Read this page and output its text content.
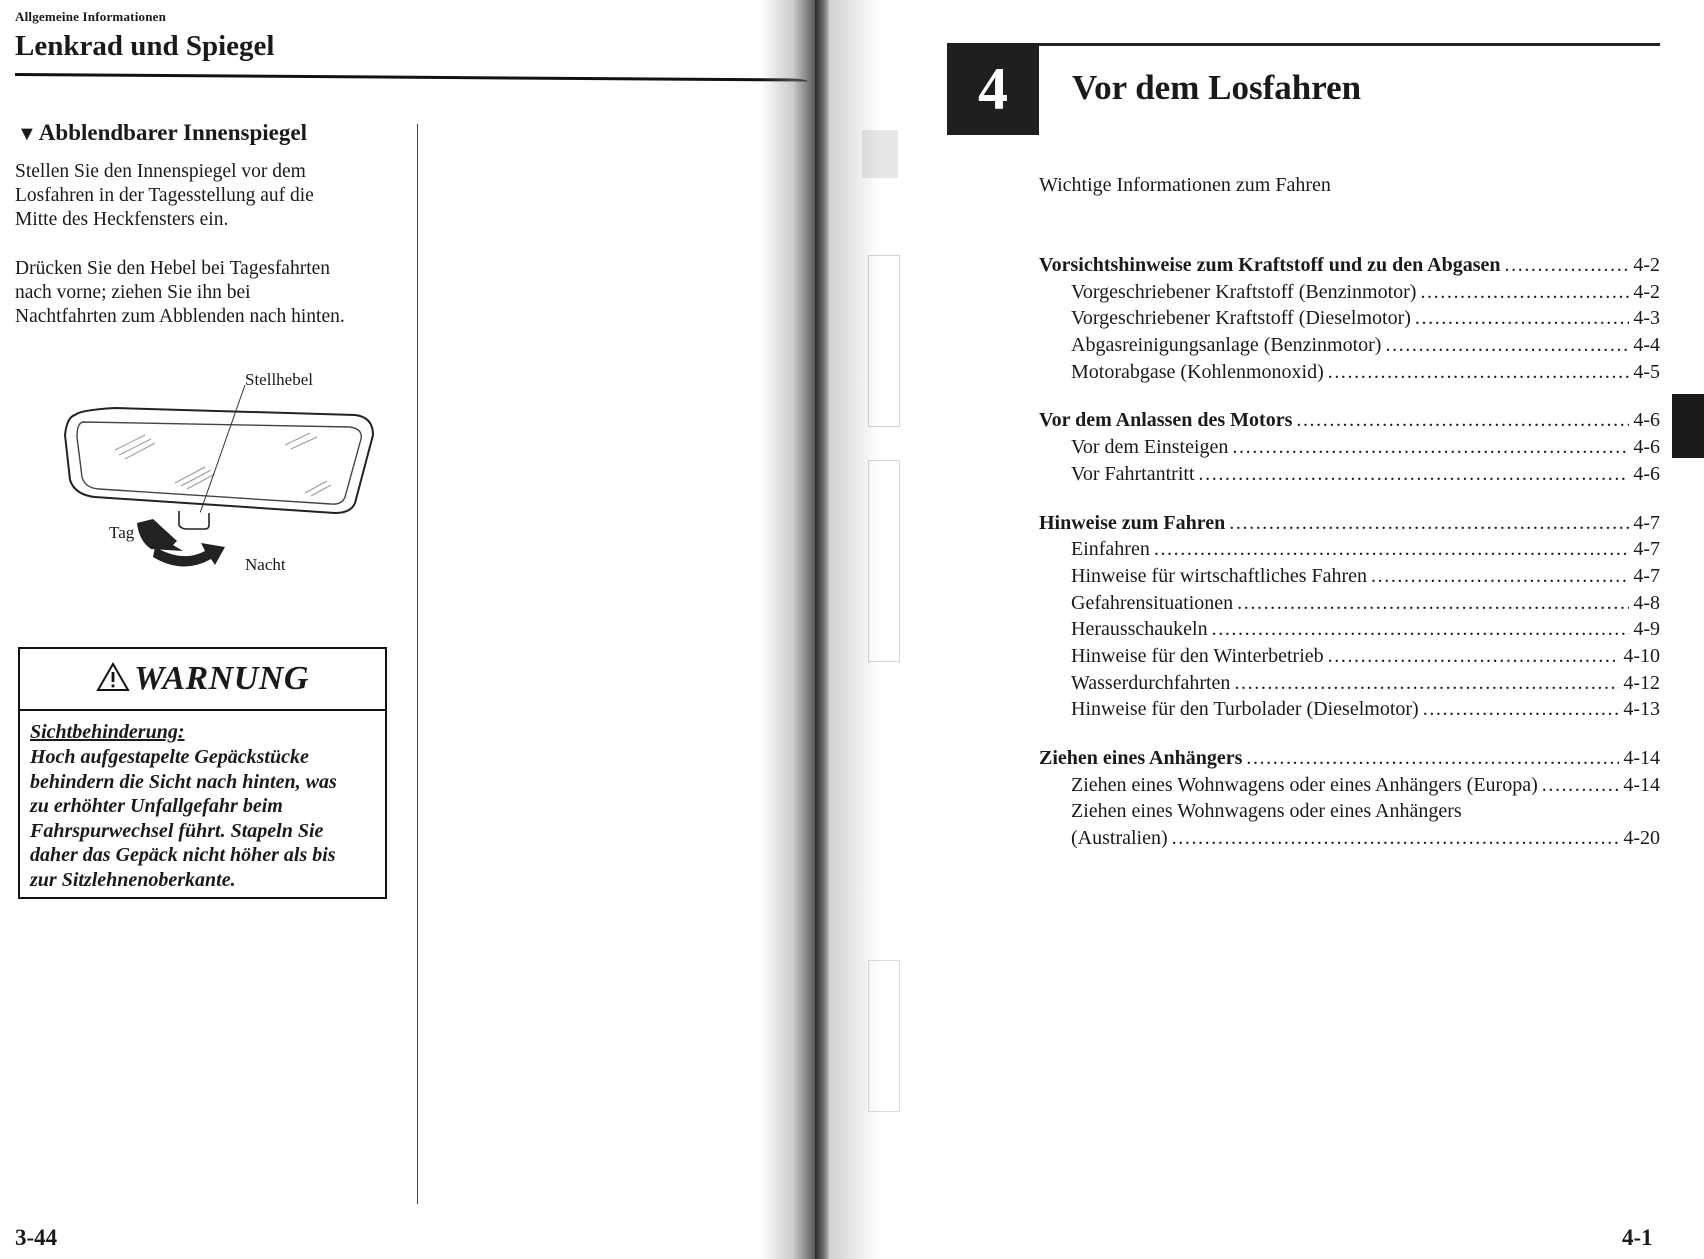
Allgemeine Informationen
Lenkrad und Spiegel
▼Abblendbarer Innenspiegel
Stellen Sie den Innenspiegel vor dem
Losfahren in der Tagesstellung auf die
Mitte des Heckfensters ein.
Drücken Sie den Hebel bei Tagesfahrten
nach vorne; ziehen Sie ihn bei
Nachtfahrten zum Abblenden nach hinten.
Stellhebel
Tag
Nacht
WARNUNG
Sichtbehinderung:
Hoch aufgestapelte Gepäckstücke
behindern die Sicht nach hinten, was
zu erhöhter Unfallgefahr beim
Fahrspurwechsel führt. Stapeln Sie
daher das Gepäck nicht höher als bis
zur Sitzlehnenoberkante.
3-44
4	Vor dem Losfahren
Wichtige Informationen zum Fahren
Vorsichtshinweise zum Kraftstoff und zu den Abgasen .....	4-2
Vorgeschriebener Kraftstoff (Benzinmotor) .....	4-2
Vorgeschriebener Kraftstoff (Dieselmotor) .....	4-3
Abgasreinigungsanlage (Benzinmotor) .....	4-4
Motorabgase (Kohlenmonoxid) .....	4-5
Vor dem Anlassen des Motors .....	4-6
Vor dem Einsteigen .....	4-6
Vor Fahrtantritt .....	4-6
Hinweise zum Fahren .....	4-7
Einfahren .....	4-7
Hinweise für wirtschaftliches Fahren .....	4-7
Gefahrensituationen .....	4-8
Herausschaukeln .....	4-9
Hinweise für den Winterbetrieb .....	4-10
Wasserdurchfahrten .....	4-12
Hinweise für den Turbolader (Dieselmotor) .....	4-13
Ziehen eines Anhängers .....	4-14
Ziehen eines Wohnwagens oder eines Anhängers (Europa) .....	4-14
Ziehen eines Wohnwagens oder eines Anhängers
(Australien) .....	4-20
4-1
